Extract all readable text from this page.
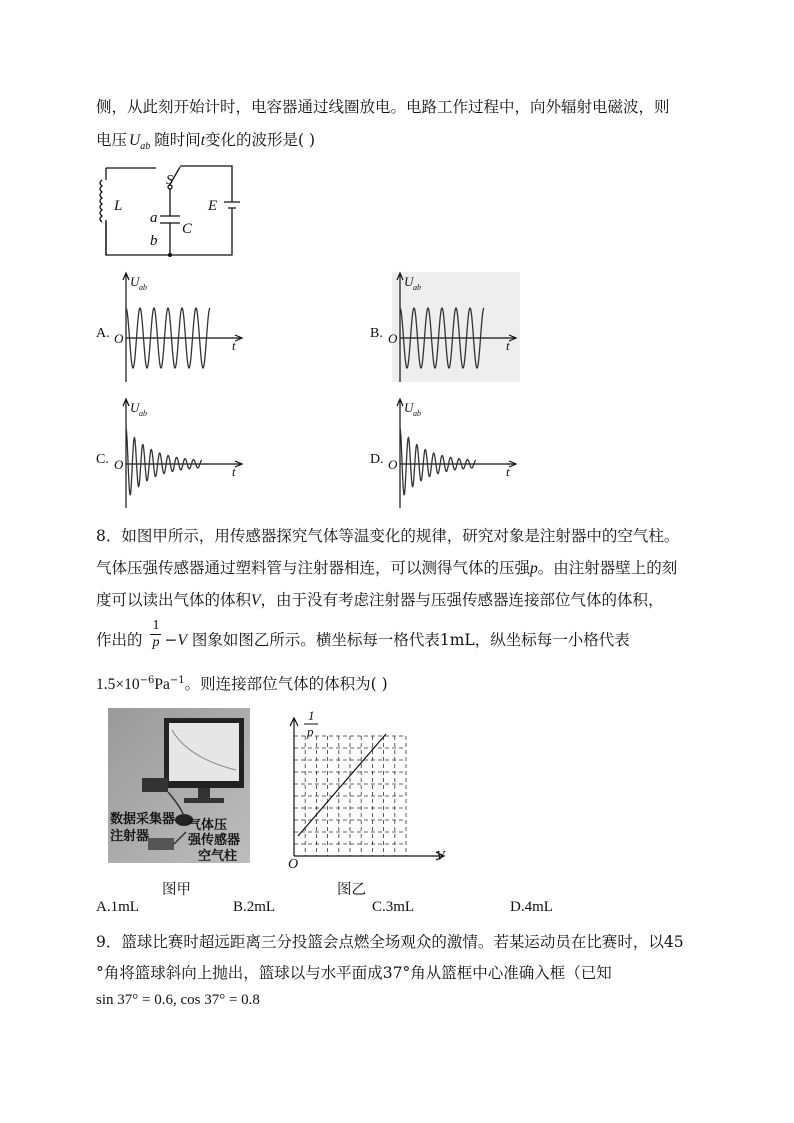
侧，从此刻开始计时，电容器通过线圈放电。电路工作过程中，向外辐射电磁波，则
电压 $U_{ab}$ 随时间t变化的波形是( )
L
S
E
a
b
C
U ab
O	t
A.
U ab
O	t
B.
U ab
O	t
C.
U ab
O	t
D.
8．如图甲所示，用传感器探究气体等温变化的规律，研究对象是注射器中的空气柱。
气体压强传感器通过塑料管与注射器相连，可以测得气体的压强p。由注射器壁上的刻
度可以读出气体的体积V，由于没有考虑注射器与压强传感器连接部位气体的体积，
作出的 $\frac{1}{p} -V$ 图象如图乙所示。横坐标每一格代表1mL，纵坐标每一小格代表
$1.5\times 10^{-6}Pa^{-1}$。则连接部位气体的体积为( )
数据采集器
注射器
气体压
强传感器
空气柱
1
p
V
O
图甲	图乙
A.1mL	B.2mL	C.3mL	D.4mL
9．篮球比赛时超远距离三分投篮会点燃全场观众的激情。若某运动员在比赛时，以45
°角将篮球斜向上抛出，篮球以与水平面成37°角从篮框中心准确入框（已知
sin 37° = 0.6, cos 37° = 0.8
